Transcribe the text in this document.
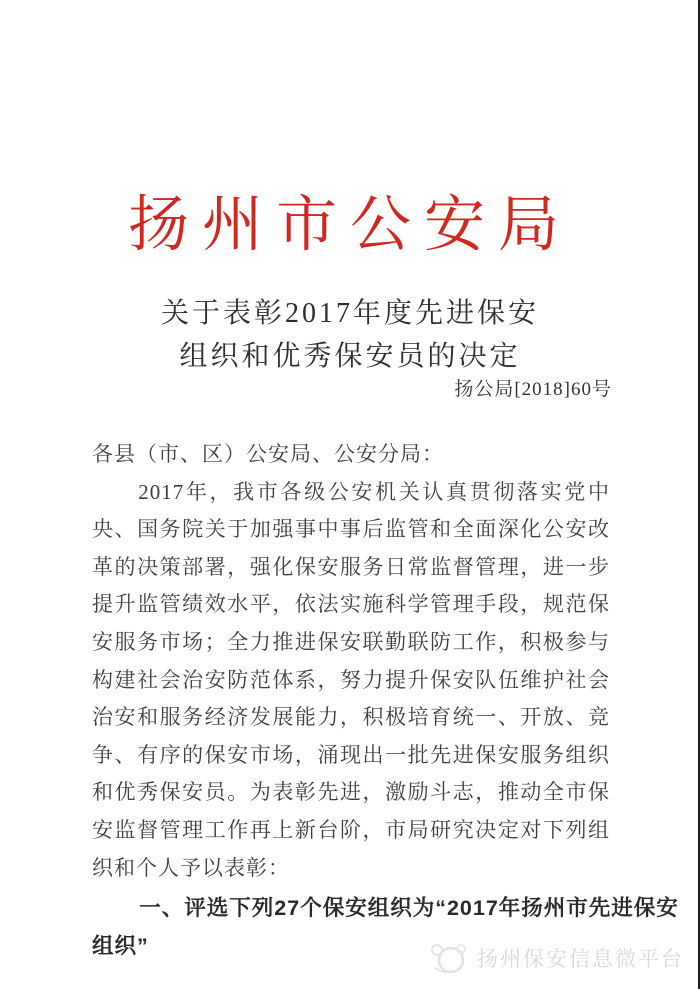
扬州市公安局
关于表彰2017年度先进保安
组织和优秀保安员的决定
扬公局[2018]60号

各县（市、区）公安局、公安分局：

2017年，我市各级公安机关认真贯彻落实党中央、国务院关于加强事中事后监管和全面深化公安改革的决策部署，强化保安服务日常监督管理，进一步提升监管绩效水平，依法实施科学管理手段，规范保安服务市场；全力推进保安联勤联防工作，积极参与构建社会治安防范体系，努力提升保安队伍维护社会治安和服务经济发展能力，积极培育统一、开放、竞争、有序的保安市场，涌现出一批先进保安服务组织和优秀保安员。为表彰先进，激励斗志，推动全市保安监督管理工作再上新台阶，市局研究决定对下列组织和个人予以表彰：

一、评选下列27个保安组织为“2017年扬州市先进保安

组织”

扬州保安信息微平台
